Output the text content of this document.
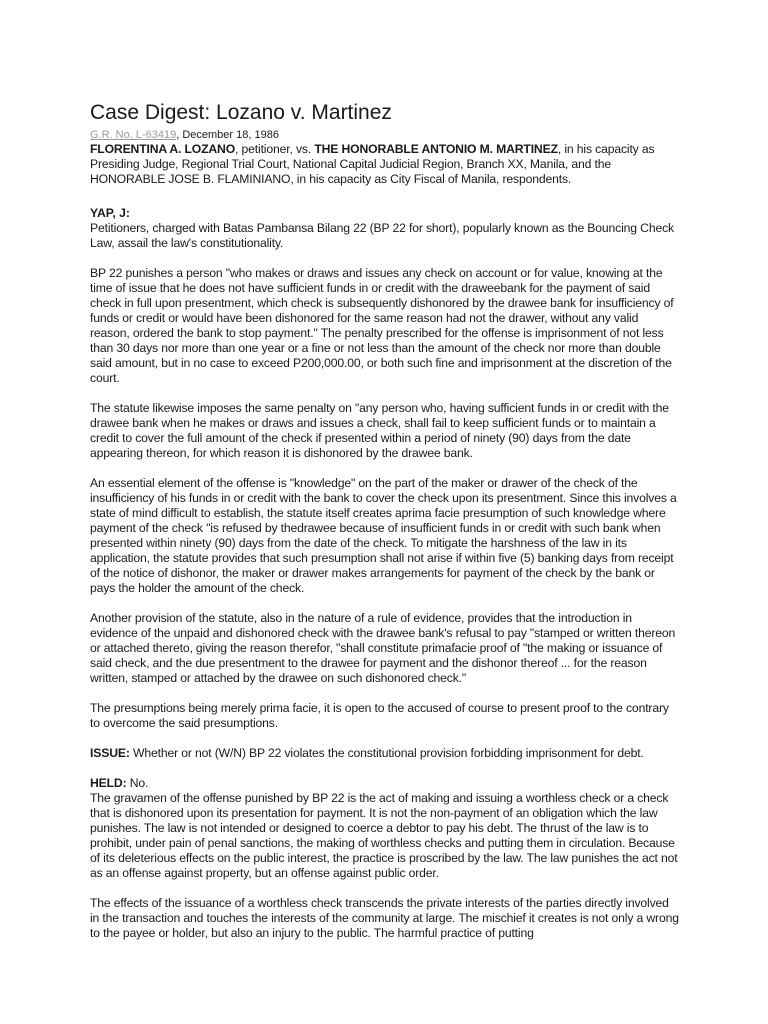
Case Digest: Lozano v. Martinez
G.R. No. L-63419, December 18, 1986

FLORENTINA A. LOZANO, petitioner, vs. THE HONORABLE ANTONIO M. MARTINEZ, in his capacity as Presiding Judge, Regional Trial Court, National Capital Judicial Region, Branch XX, Manila, and the HONORABLE JOSE B. FLAMINIANO, in his capacity as City Fiscal of Manila, respondents.

YAP, J:

Petitioners, charged with Batas Pambansa Bilang 22 (BP 22 for short), popularly known as the Bouncing Check Law, assail the law's constitutionality.

BP 22 punishes a person "who makes or draws and issues any check on account or for value, knowing at the time of issue that he does not have sufficient funds in or credit with the draweebank for the payment of said check in full upon presentment, which check is subsequently dishonored by the drawee bank for insufficiency of funds or credit or would have been dishonored for the same reason had not the drawer, without any valid reason, ordered the bank to stop payment." The penalty prescribed for the offense is imprisonment of not less than 30 days nor more than one year or a fine or not less than the amount of the check nor more than double said amount, but in no case to exceed P200,000.00, or both such fine and imprisonment at the discretion of the court.

The statute likewise imposes the same penalty on "any person who, having sufficient funds in or credit with the drawee bank when he makes or draws and issues a check, shall fail to keep sufficient funds or to maintain a credit to cover the full amount of the check if presented within a period of ninety (90) days from the date appearing thereon, for which reason it is dishonored by the drawee bank.

An essential element of the offense is "knowledge" on the part of the maker or drawer of the check of the insufficiency of his funds in or credit with the bank to cover the check upon its presentment. Since this involves a state of mind difficult to establish, the statute itself creates aprima facie presumption of such knowledge where payment of the check "is refused by thedrawee because of insufficient funds in or credit with such bank when presented within ninety (90) days from the date of the check. To mitigate the harshness of the law in its application, the statute provides that such presumption shall not arise if within five (5) banking days from receipt of the notice of dishonor, the maker or drawer makes arrangements for payment of the check by the bank or pays the holder the amount of the check.

Another provision of the statute, also in the nature of a rule of evidence, provides that the introduction in evidence of the unpaid and dishonored check with the drawee bank's refusal to pay "stamped or written thereon or attached thereto, giving the reason therefor, "shall constitute primafacie proof of "the making or issuance of said check, and the due presentment to the drawee for payment and the dishonor thereof ... for the reason written, stamped or attached by the drawee on such dishonored check."

The presumptions being merely prima facie, it is open to the accused of course to present proof to the contrary to overcome the said presumptions.

ISSUE: Whether or not (W/N) BP 22 violates the constitutional provision forbidding imprisonment for debt.

HELD: No.

The gravamen of the offense punished by BP 22 is the act of making and issuing a worthless check or a check that is dishonored upon its presentation for payment. It is not the non-payment of an obligation which the law punishes. The law is not intended or designed to coerce a debtor to pay his debt. The thrust of the law is to prohibit, under pain of penal sanctions, the making of worthless checks and putting them in circulation. Because of its deleterious effects on the public interest, the practice is proscribed by the law. The law punishes the act not as an offense against property, but an offense against public order.

The effects of the issuance of a worthless check transcends the private interests of the parties directly involved in the transaction and touches the interests of the community at large. The mischief it creates is not only a wrong to the payee or holder, but also an injury to the public. The harmful practice of putting
